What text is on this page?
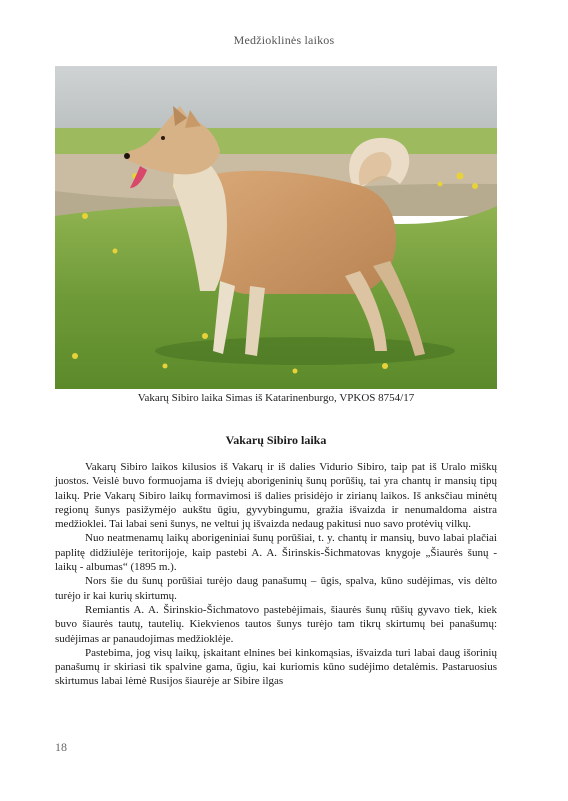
Medžioklinės laikos
Vakarų Sibiro laika Simas iš Katarinenburgo, VPKOS 8754/17
Vakarų Sibiro laika

Vakarų Sibiro laikos kilusios iš Vakarų ir iš dalies Vidurio Sibiro, taip pat iš Uralo miškų juostos. Veislė buvo formuojama iš dviejų aborigeninių šunų porūšių, tai yra chantų ir mansių tipų laikų. Prie Vakarų Sibiro laikų formavimosi iš dalies prisidėjo ir zirianų laikos. Iš anksčiau minėtų regionų šunys pasižymėjo aukštu ūgiu, gyvybingumu, gražia išvaizda ir nenumaldoma aistra medžioklei. Tai labai seni šunys, ne veltui jų išvaizda nedaug pakitusi nuo savo protėvių vilkų.

Nuo neatmenamų laikų aborigeniniai šunų porūšiai, t. y. chantų ir mansių, buvo labai plačiai paplitę didžiulėje teritorijoje, kaip pastebi A. A. Širinskis-Šichmatovas knygoje „Šiaurės šunų - laikų - albumas“ (1895 m.).

Nors šie du šunų porūšiai turėjo daug panašumų – ūgis, spalva, kūno sudėjimas, vis dėlto turėjo ir kai kurių skirtumų.

Remiantis A. A. Širinskio-Šichmatovo pastebėjimais, šiaurės šunų rūšių gyvavo tiek, kiek buvo šiaurės tautų, tautelių. Kiekvienos tautos šunys turėjo tam tikrų skirtumų bei panašumų: sudėjimas ar panaudojimas medžioklėje.

Pastebima, jog visų laikų, įskaitant elnines bei kinkomąsias, išvaizda turi labai daug išorinių panašumų ir skiriasi tik spalvine gama, ūgiu, kai kuriomis kūno sudėjimo detalėmis. Pastaruosius skirtumus labai lėmė Rusijos šiaurėje ar Sibire ilgas

18
